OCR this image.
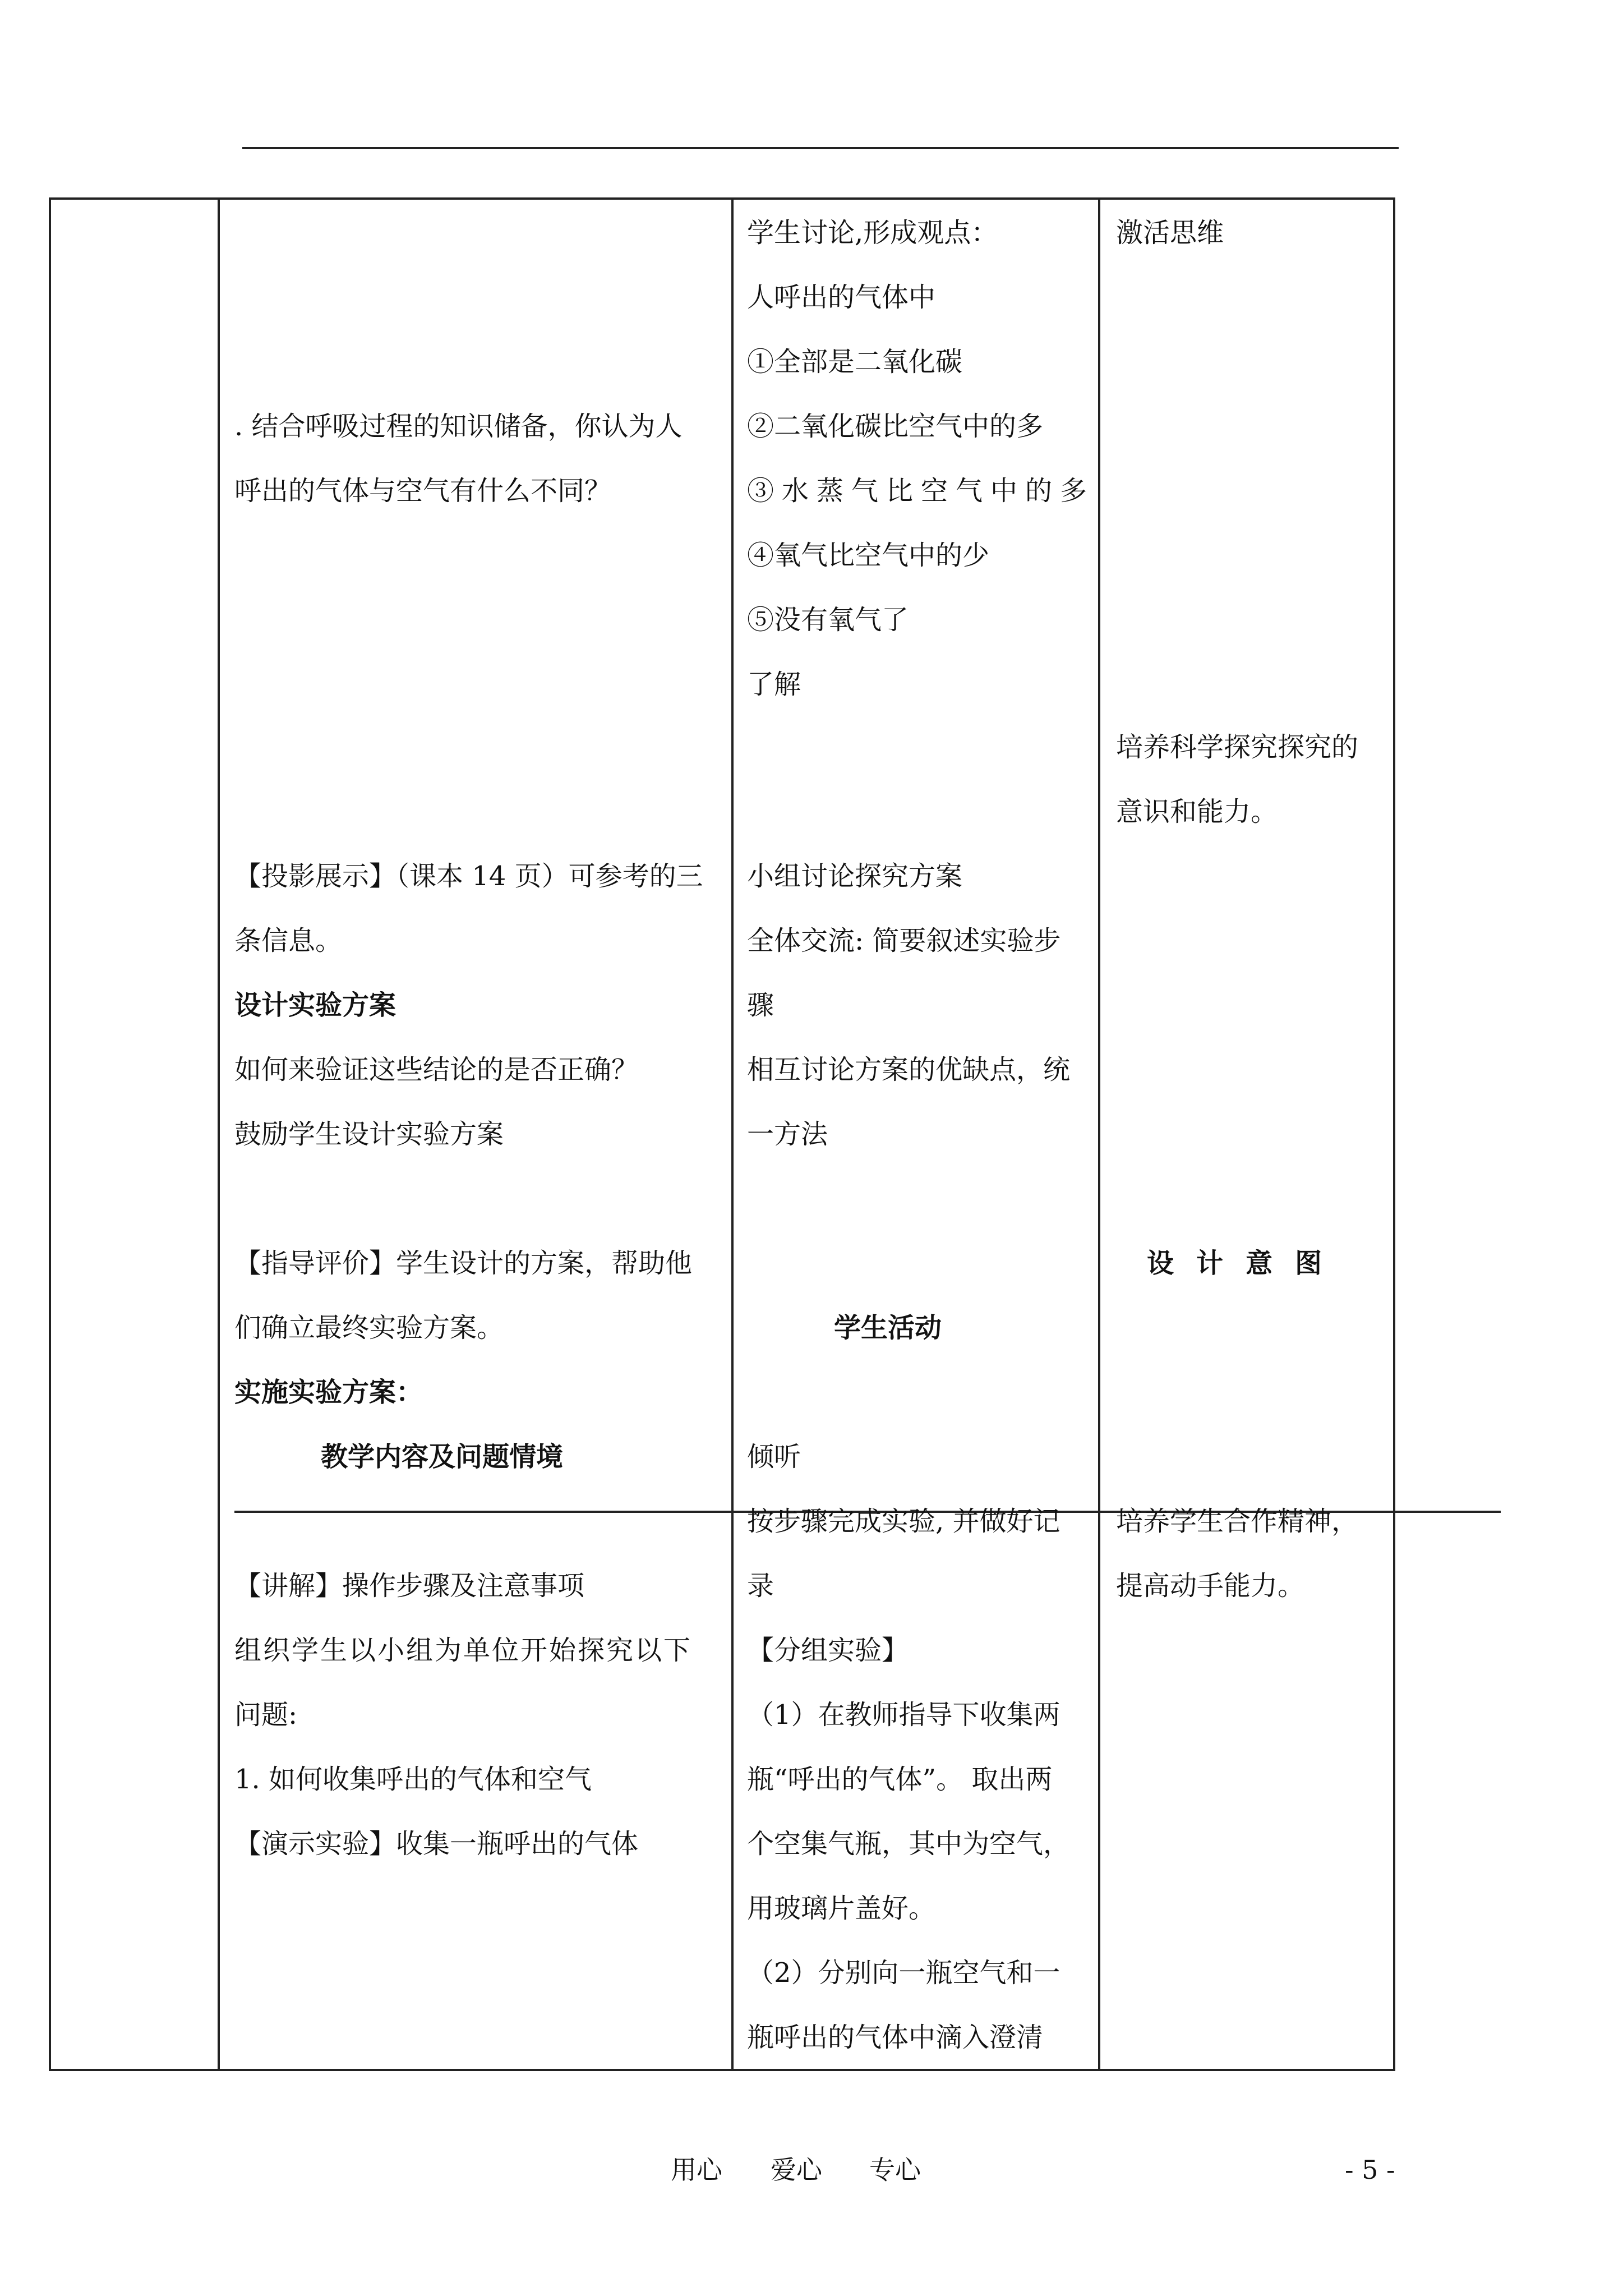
. 结合呼吸过程的知识储备，你认为人
呼出的气体与空气有什么不同？
【投影展示】（课本 14 页）可参考的三
条信息。
设计实验方案
如何来验证这些结论的是否正确？
鼓励学生设计实验方案
【指导评价】学生设计的方案，帮助他
们确立最终实验方案。
实施实验方案：
教学内容及问题情境
【讲解】操作步骤及注意事项
组织学生以小组为单位开始探究以下
问题:
1. 如何收集呼出的气体和空气
【演示实验】收集一瓶呼出的气体
学生讨论,形成观点：
人呼出的气体中
①全部是二氧化碳
②二氧化碳比空气中的多
③水蒸气比空气中的多
④氧气比空气中的少
⑤没有氧气了
了解
小组讨论探究方案
全体交流: 简要叙述实验步
骤
相互讨论方案的优缺点，统
一方法
学生活动
倾听
按步骤完成实验, 并做好记
录
【分组实验】
（1）在教师指导下收集两
瓶“呼出的气体”。 取出两
个空集气瓶，其中为空气，
用玻璃片盖好。
（2）分别向一瓶空气和一
瓶呼出的气体中滴入澄清
激活思维
培养科学探究探究的
意识和能力。
设计意图
培养学生合作精神，
提高动手能力。
用心 爱心 专心	- 5 -
